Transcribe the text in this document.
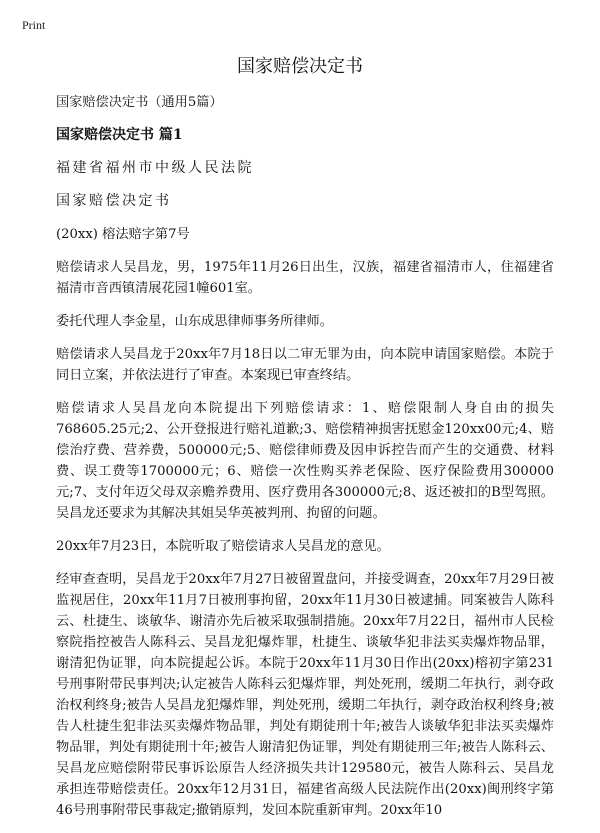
Print
国家赔偿决定书

国家赔偿决定书（通用5篇）

国家赔偿决定书 篇1

福建省福州市中级人民法院

国家赔偿决定书

(20xx) 榕法赔字第7号

赔偿请求人吴昌龙，男，1975年11月26日出生，汉族，福建省福清市人，住福建省福清市音西镇清展花园1幢601室。

委托代理人李金星，山东成思律师事务所律师。

赔偿请求人吴昌龙于20xx年7月18日以二审无罪为由，向本院申请国家赔偿。本院于同日立案，并依法进行了审查。本案现已审查终结。

赔偿请求人吴昌龙向本院提出下列赔偿请求：1、赔偿限制人身自由的损失768605.25元;2、公开登报进行赔礼道歉;3、赔偿精神损害抚慰金120xx00元;4、赔偿治疗费、营养费，500000元;5、赔偿律师费及因申诉控告而产生的交通费、材料费、误工费等1700000元；6、赔偿一次性购买养老保险、医疗保险费用300000元;7、支付年迈父母双亲赡养费用、医疗费用各300000元;8、返还被扣的B型驾照。吴昌龙还要求为其解决其姐吴华英被判刑、拘留的问题。

20xx年7月23日，本院听取了赔偿请求人吴昌龙的意见。

经审查查明，吴昌龙于20xx年7月27日被留置盘问，并接受调查，20xx年7月29日被监视居住，20xx年11月7日被刑事拘留，20xx年11月30日被逮捕。同案被告人陈科云、杜捷生、谈敏华、谢清亦先后被采取强制措施。20xx年7月22日，福州市人民检察院指控被告人陈科云、吴昌龙犯爆炸罪，杜捷生、谈敏华犯非法买卖爆炸物品罪，谢清犯伪证罪，向本院提起公诉。本院于20xx年11月30日作出(20xx)榕初字第231号刑事附带民事判决;认定被告人陈科云犯爆炸罪，判处死刑，缓期二年执行，剥夺政治权利终身;被告人吴昌龙犯爆炸罪，判处死刑，缓期二年执行，剥夺政治权利终身;被告人杜捷生犯非法买卖爆炸物品罪，判处有期徒刑十年;被告人谈敏华犯非法买卖爆炸物品罪，判处有期徒刑十年;被告人谢清犯伪证罪，判处有期徒刑三年;被告人陈科云、吴昌龙应赔偿附带民事诉讼原告人经济损失共计129580元，被告人陈科云、吴昌龙承担连带赔偿责任。20xx年12月31日，福建省高级人民法院作出(20xx)闽刑终字第46号刑事附带民事裁定;撤销原判，发回本院重新审判。20xx年10
